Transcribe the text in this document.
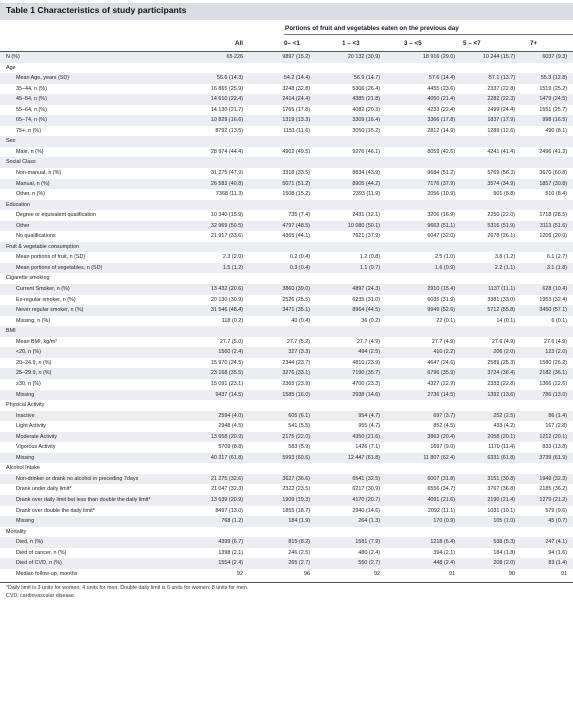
Table 1 Characteristics of study participants
Portions of fruit and vegetables eaten on the previous day
All	0– <1	1 – <3	3 – <5	5 – <7	7+
N (%)	65 226	9897 (15.2)	20 132 (30.9)	18 916 (29.0)	10 244 (15.7)	6037 (9.3)
Age
Mean Age, years (SD)	56.6 (14.3)	54.2 (14.4)	56.9 (14.7)	57.6 (14.4)	57.1 (13.7)	55.3 (12.8)
35–44, n (%)	16 865 (25.9)	3248 (32.8)	5306 (26.4)	4455 (23.6)	2337 (22.8)	1519 (25.2)
45–54, n (%)	14 610 (22.4)	2414 (24.4)	4385 (21.8)	4050 (21.4)	2282 (22.3)	1479 (24.5)
55–64, n (%)	14 130 (21.7)	1765 (17.8)	4082 (20.3)	4233 (22.4)	2499 (24.4)	1551 (25.7)
65–74, n (%)	10 829 (16.6)	1319 (13.3)	3309 (16.4)	3366 (17.8)	1837 (17.9)	998 (16.5)
75+, n (%)	8792 (13.5)	1151 (11.6)	3050 (15.2)	2812 (14.9)	1289 (12.6)	490 (8.1)
Sex
Male, n (%)	28 974 (44.4)	4902 (49.5)	9276 (46.1)	8059 (42.6)	4241 (41.4)	2496 (41.3)
Social Class
Non-manual, n (%)	31 275 (47.9)	3318 (33.5)	8834 (43.9)	9684 (51.2)	5769 (56.3)	3670 (60.8)
Manual, n (%)	26 583 (40.8)	5071 (51.2)	8905 (44.2)	7176 (37.9)	3574 (34.9)	1857 (30.8)
Other, n (%)	7368 (11.3)	1508 (15.2)	2393 (11.9)	2056 (10.9)	901 (8.8)	510 (8.4)
Education
Degree or equivalent qualification	10 340 (15.9)	735 (7.4)	2431 (12.1)	3206 (16.9)	2250 (22.0)	1718 (28.5)
Other	32 969 (50.5)	4797 (48.5)	10 080 (50.1)	9663 (51.1)	5316 (51.9)	3113 (51.6)
No qualifications	21 917 (33.6)	4365 (44.1)	7621 (37.9)	6047 (32.0)	2678 (26.1)	1206 (20.0)
Fruit & vegetable consumption
Mean portions of fruit, n (SD)	2.3 (2.0)	0.2 (0.4)	1.2 (0.8)	2.5 (1.0)	3.8 (1.2)	6.1 (2.7)
Mean portions of vegetables, n (SD)	1.5 (1.2)	0.3 (0.4)	1.1 (0.7)	1.6 (0.9)	2.2 (1.1)	3.1 (1.8)
Cigarette smoking
Current Smoker, n (%)	13 432 (20.6)	3860 (39.0)	4897 (24.3)	2910 (15.4)	1137 (11.1)	628 (10.4)
Ex-regular smoker, n (%)	20 130 (30.9)	2526 (25.5)	6235 (31.0)	6035 (31.9)	3381 (33.0)	1953 (32.4)
Never regular smoker, n (%)	31 546 (48.4)	3471 (35.1)	8964 (44.5)	9949 (52.6)	5712 (55.8)	3450 (57.1)
Missing, n (%)	118 (0.2)	40 (0.4)	36 (0.2)	22 (0.1)	14 (0.1)	6 (0.1)
BMI
Mean BMI, kg/m²	27.7 (5.0)	27.7 (5.2)	27.7 (4.9)	27.7 (4.9)	27.6 (4.9)	27.6 (4.9)
<20, n (%)	1560 (2.4)	327 (3.3)	494 (2.5)	410 (2.2)	206 (2.0)	123 (2.0)
20–24.9, n (%)	15 970 (24.5)	2344 (23.7)	4810 (23.9)	4647 (24.6)	2589 (25.3)	1580 (26.2)
25–29.9, n (%)	23 168 (35.5)	3276 (33.1)	7190 (35.7)	6796 (35.9)	3724 (36.4)	2182 (36.1)
≥30, n (%)	15 091 (23.1)	2365 (23.9)	4700 (23.3)	4327 (22.9)	2333 (22.8)	1366 (22.6)
Missing	9437 (14.5)	1585 (16.0)	2938 (14.6)	2736 (14.5)	1392 (13.6)	786 (13.0)
Physical Activity
Inactive	2594 (4.0)	605 (6.1)	954 (4.7)	697 (3.7)	252 (2.5)	86 (1.4)
Light Activity	2948 (4.5)	541 (5.5)	955 (4.7)	852 (4.5)	433 (4.2)	167 (2.8)
Moderate Activity	13 658 (20.9)	2175 (22.0)	4350 (21.6)	3863 (20.4)	2058 (20.1)	1212 (20.1)
Vigorous Activity	5709 (8.8)	583 (5.9)	1426 (7.1)	1697 (9.0)	1170 (11.4)	833 (13.8)
Missing	40 317 (61.8)	5993 (60.6)	12 447 (61.8)	11 807 (62.4)	6331 (61.8)	3739 (61.9)
Alcohol Intake
Non-drinker or drank no alcohol in preceding 7days	21 275 (32.6)	3627 (36.6)	6541 (32.5)	6007 (31.8)	3151 (30.8)	1949 (32.3)
Drank under daily limit*	21 047 (32.3)	2322 (23.5)	6217 (30.9)	6556 (34.7)	3767 (36.8)	2185 (36.2)
Drank over daily limit but less than double the daily limit*	13 639 (20.9)	1909 (19.3)	4170 (20.7)	4091 (21.6)	2190 (21.4)	1279 (21.2)
Drank over double the daily limit*	8497 (13.0)	1855 (18.7)	2940 (14.6)	2092 (11.1)	1031 (10.1)	579 (9.6)
Missing	768 (1.2)	184 (1.9)	264 (1.3)	170 (0.9)	105 (1.0)	45 (0.7)
Mortality
Died, n (%)	4399 (6.7)	815 (8.2)	1581 (7.9)	1218 (6.4)	538 (5.3)	247 (4.1)
Died of cancer, n (%)	1398 (2.1)	246 (2.5)	480 (2.4)	394 (2.1)	184 (1.8)	94 (1.6)
Died of CVD, n (%)	1554 (2.4)	265 (2.7)	550 (2.7)	448 (2.4)	208 (2.0)	83 (1.4)
Median follow-up, months	92	96	92	91	90	91
*Daily limit is 3 units for women; 4 units for men. Double daily limit is 6 units for women; 8 units for men.
CVD, cardiovascular disease.
